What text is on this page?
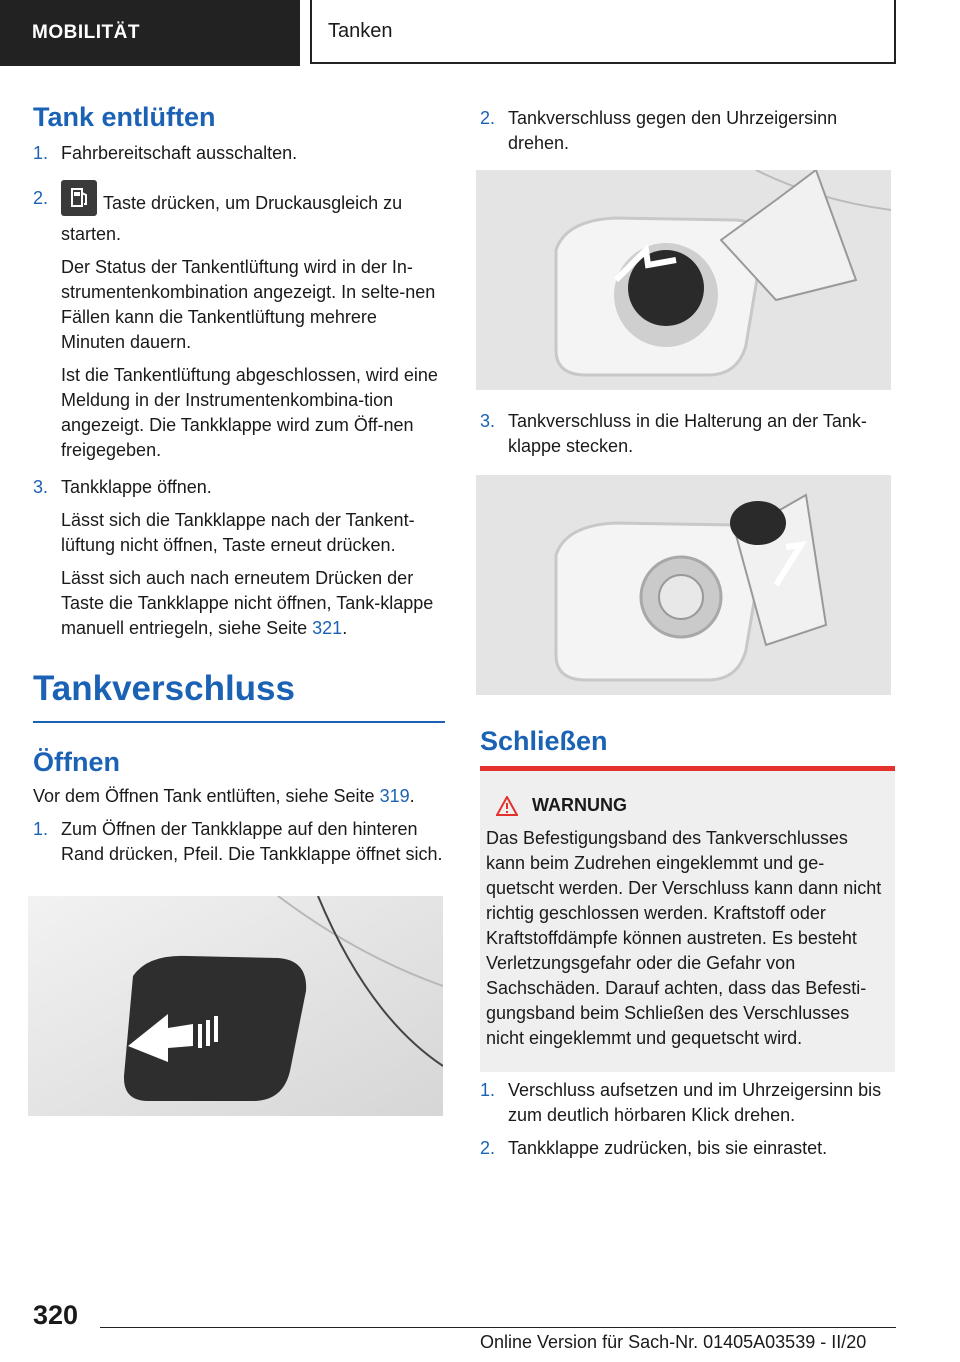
MOBILITÄT	Tanken
Tank entlüften
1. Fahrbereitschaft ausschalten.
2.	Taste drücken, um Druckausgleich zu starten.
Der Status der Tankentlüftung wird in der In‐strumentenkombination angezeigt. In selte‐nen Fällen kann die Tankentlüftung mehrere Minuten dauern.
Ist die Tankentlüftung abgeschlossen, wird eine Meldung in der Instrumentenkombina‐tion angezeigt. Die Tankklappe wird zum Öff‐nen freigegeben.
3. Tankklappe öffnen.
Lässt sich die Tankklappe nach der Tankent‐lüftung nicht öffnen, Taste erneut drücken.
Lässt sich auch nach erneutem Drücken der Taste die Tankklappe nicht öffnen, Tank‐klappe manuell entriegeln, siehe Seite 321.
Tankverschluss
Öffnen
Vor dem Öffnen Tank entlüften, siehe Seite 319.
1. Zum Öffnen der Tankklappe auf den hinteren Rand drücken, Pfeil. Die Tankklappe öffnet sich.
2. Tankverschluss gegen den Uhrzeigersinn drehen.
3. Tankverschluss in die Halterung an der Tank‐klappe stecken.
Schließen
WARNUNG
Das Befestigungsband des Tankverschlusses kann beim Zudrehen eingeklemmt und ge‐quetscht werden. Der Verschluss kann dann nicht richtig geschlossen werden. Kraftstoff oder Kraftstoffdämpfe können austreten. Es besteht Verletzungsgefahr oder die Gefahr von Sachschäden. Darauf achten, dass das Befesti‐gungsband beim Schließen des Verschlusses nicht eingeklemmt und gequetscht wird.
1. Verschluss aufsetzen und im Uhrzeigersinn bis zum deutlich hörbaren Klick drehen.
2. Tankklappe zudrücken, bis sie einrastet.
320
Online Version für Sach-Nr. 01405A03539 - II/20
